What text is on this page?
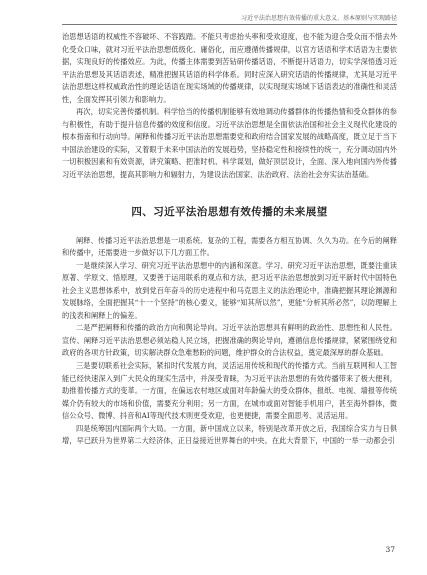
习近平法治思想有效传播的重大意义、基本原则与实现路径

治思想话语的权威性不容破坏、不容践踏。不能只考虑抬头率和受欢迎度，也不能为迎合受众而不惜去外化受众口味，就对习近平法治思想低级化、庸俗化，而应遵循传播规律，以官方话语和学术话语为主要依据，实现良好的传播效应。为此，传播主体需要到苦钻研传播话语，不断提升话语力，切实学深悟透习近平法治思想及其话语表述，精准把握其话语的科学体系。同时应深入研究话语的传播规律，尤其是习近平法治思想这样权威政治性的理论话语在现实场域的传播规律，以实现现实场域下话语表达的准确性和灵活性，全面发挥其引领力和影响力。

再次，切实完善传播机制。科学恰当的传播机制能够有效地调动传播群体的传播热情和受众群体的参与积极性，有助于提升信息传播的效度和信度。习近平法治思想是全面依法治国和社会主义现代化建设的根本指南和行动向导。阐释和传播习近平法治思想需要党和政府结合国家发展的战略高度，既立足于当下中国法治建设的实际，又着眼于未来中国法治的发展趋势，坚持稳定性和接续性的统一，充分调动国内外一切积极因素和有效资源，讲究策略、把准时机、科学谋划，做好顶层设计，全面、深入地向国内外传播习近平法治思想，提高其影响力和辐射力，为建设法治国家、法治政府、法治社会夯实法治基础。

四、习近平法治思想有效传播的未来展望

阐释、传播习近平法治思想是一项系统、复杂的工程，需要各方相互协调、久久为功。在今后的阐释和传播中，还需要进一步做好以下几方面工作。

一是继续深入学习、研究习近平法治思想中的内涵和深意。学习、研究习近平法治思想，既要注重读原著、学原文、悟原理，又要善于运用联系的观点和方法，把习近平法治思想放到习近平新时代中国特色社会主义思想体系中，放到党百年奋斗的历史进程中和马克思主义的法治理论中，准确把握其理论渊源和发展脉络，全面把握其“十一个坚持”的核心要义，能够“知其所以然”，更能“分析其所必然”，以防理解上的浅表和阐释上的偏差。

二是严把阐释和传播的政治方向和舆论导向。习近平法治思想具有鲜明的政治性、思想性和人民性。宣传、阐释习近平法治思想必须站稳人民立场，把握准确的舆论导向，遵循信息传播规律，紧紧围绕党和政府的各项方针政策，切实解决群众急难愁盼的问题，维护群众的合法权益，奠定最深厚的群众基础。

三是要切联系社会实际，紧扣时代发展方向，灵活运用传统和现代的传播方式。当前互联网和人工智能已经快速深入到广大民众的现实生活中，并深受青睐，为习近平法治思想的有效传播带来了极大便利，助推着传播方式的变革。一方面，在偏远农村地区或面对年龄偏大的受众群体，报纸、电视、墙报等传统媒介仍有较大的市场和价值，需要充分利用；另一方面，在城市或面对智能手机用户，甚至海外群体，微信公众号、微博、抖音和AI等现代技术则更受欢迎，也更便捷，需要全面思考、灵活运用。

四是统筹国内国际两个大局。一方面，新中国成立以来，特别是改革开放之后，我国综合实力与日俱增，早已跃升为世界第二大经济体，正日益接近世界舞台的中央。在此大背景下，中国的一举一动都会引

37
